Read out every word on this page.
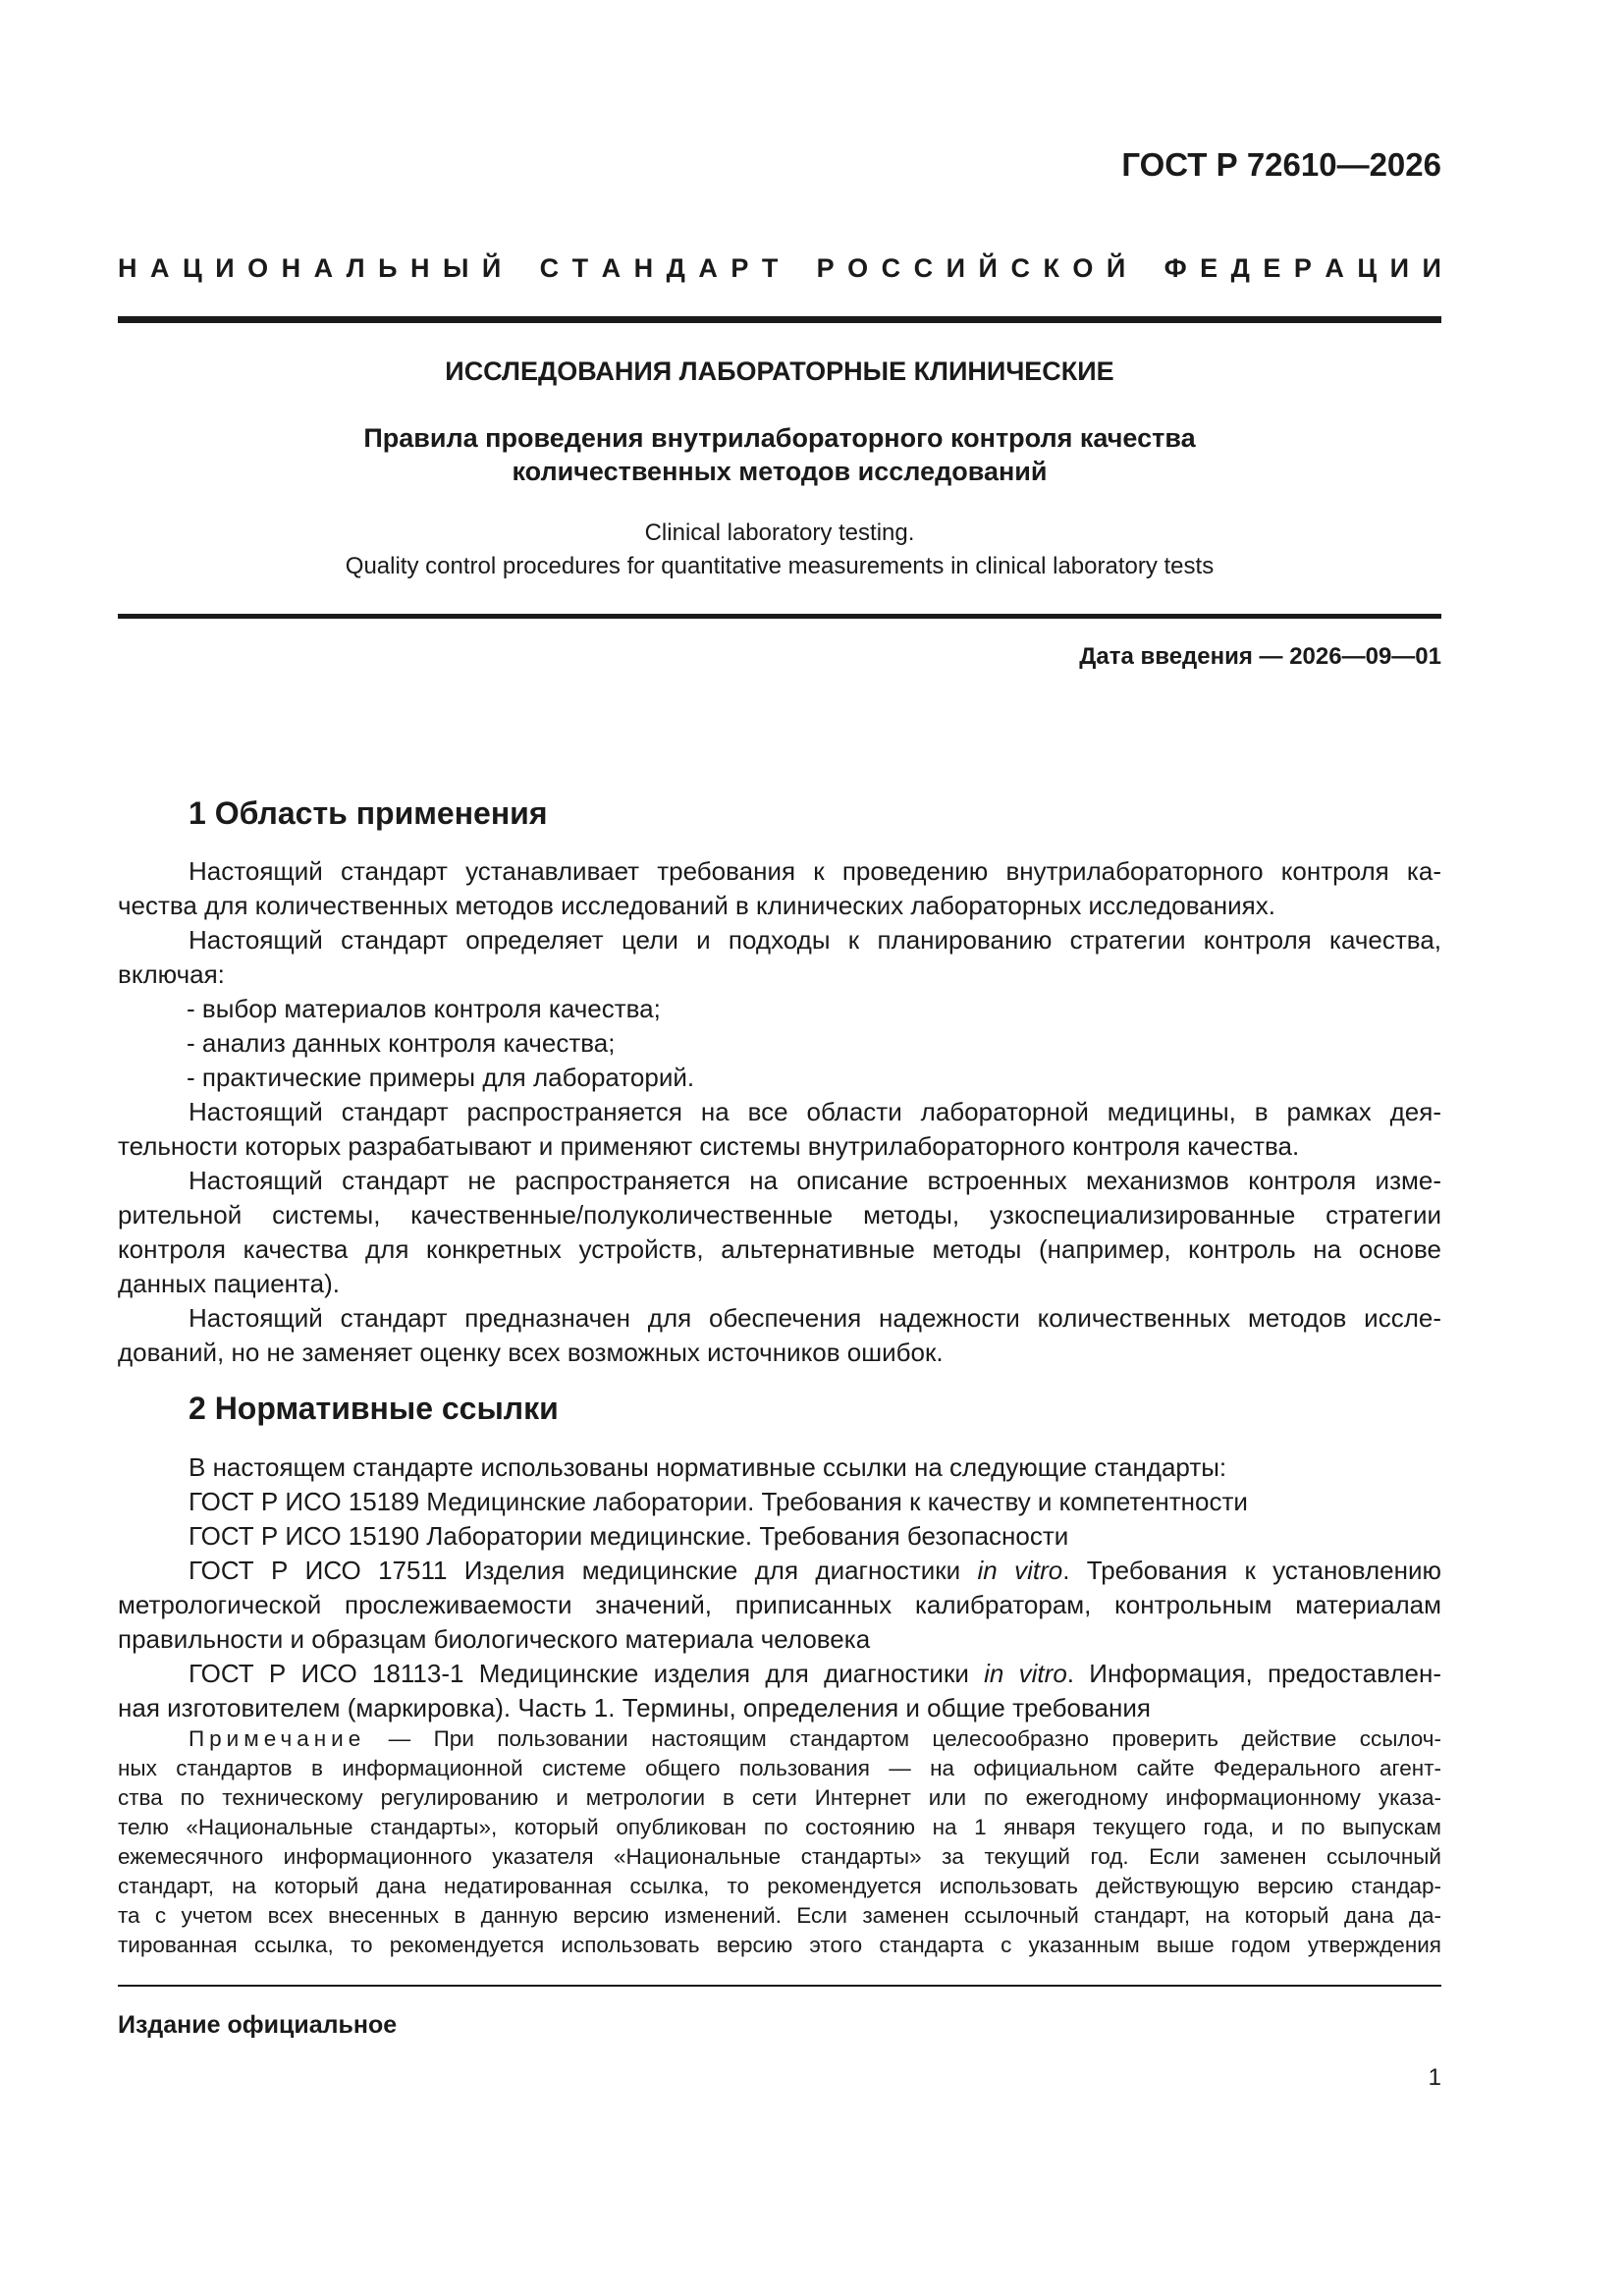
ГОСТ Р 72610—2026
Н А Ц И О Н А Л Ь Н Ы Й С Т А Н Д А Р Т Р О С С И Й С К О Й Ф Е Д Е Р А Ц И И
ИССЛЕДОВАНИЯ ЛАБОРАТОРНЫЕ КЛИНИЧЕСКИЕ
Правила проведения внутрилабораторного контроля качества
количественных методов исследований
Clinical laboratory testing.
Quality control procedures for quantitative measurements in clinical laboratory tests
Дата введения — 2026—09—01
1 Область применения

Настоящий стандарт устанавливает требования к проведению внутрилабораторного контроля ка-

чества для количественных методов исследований в клинических лабораторных исследованиях.

Настоящий стандарт определяет цели и подходы к планированию стратегии контроля качества,

включая:

- выбор материалов контроля качества;
- анализ данных контроля качества;
- практические примеры для лабораторий.

Настоящий стандарт распространяется на все области лабораторной медицины, в рамках дея-

тельности которых разрабатывают и применяют системы внутрилабораторного контроля качества.

Настоящий стандарт не распространяется на описание встроенных механизмов контроля изме-

рительной системы, качественные/полуколичественные методы, узкоспециализированные стратегии

контроля качества для конкретных устройств, альтернативные методы (например, контроль на основе

данных пациента).

Настоящий стандарт предназначен для обеспечения надежности количественных методов иссле-

дований, но не заменяет оценку всех возможных источников ошибок.

2 Нормативные ссылки

В настоящем стандарте использованы нормативные ссылки на следующие стандарты:

ГОСТ Р ИСО 15189 Медицинские лаборатории. Требования к качеству и компетентности

ГОСТ Р ИСО 15190 Лаборатории медицинские. Требования безопасности

ГОСТ Р ИСО 17511 Изделия медицинские для диагностики in vitro. Требования к установлению

метрологической прослеживаемости значений, приписанных калибраторам, контрольным материалам

правильности и образцам биологического материала человека

ГОСТ Р ИСО 18113-1 Медицинские изделия для диагностики in vitro. Информация, предоставлен-

ная изготовителем (маркировка). Часть 1. Термины, определения и общие требования

Примечание — При пользовании настоящим стандартом целесообразно проверить действие ссылоч-

ных стандартов в информационной системе общего пользования — на официальном сайте Федерального агент-

ства по техническому регулированию и метрологии в сети Интернет или по ежегодному информационному указа-

телю «Национальные стандарты», который опубликован по состоянию на 1 января текущего года, и по выпускам

ежемесячного информационного указателя «Национальные стандарты» за текущий год. Если заменен ссылочный

стандарт, на который дана недатированная ссылка, то рекомендуется использовать действующую версию стандар-

та с учетом всех внесенных в данную версию изменений. Если заменен ссылочный стандарт, на который дана да-

тированная ссылка, то рекомендуется использовать версию этого стандарта с указанным выше годом утверждения

Издание официальное
1
